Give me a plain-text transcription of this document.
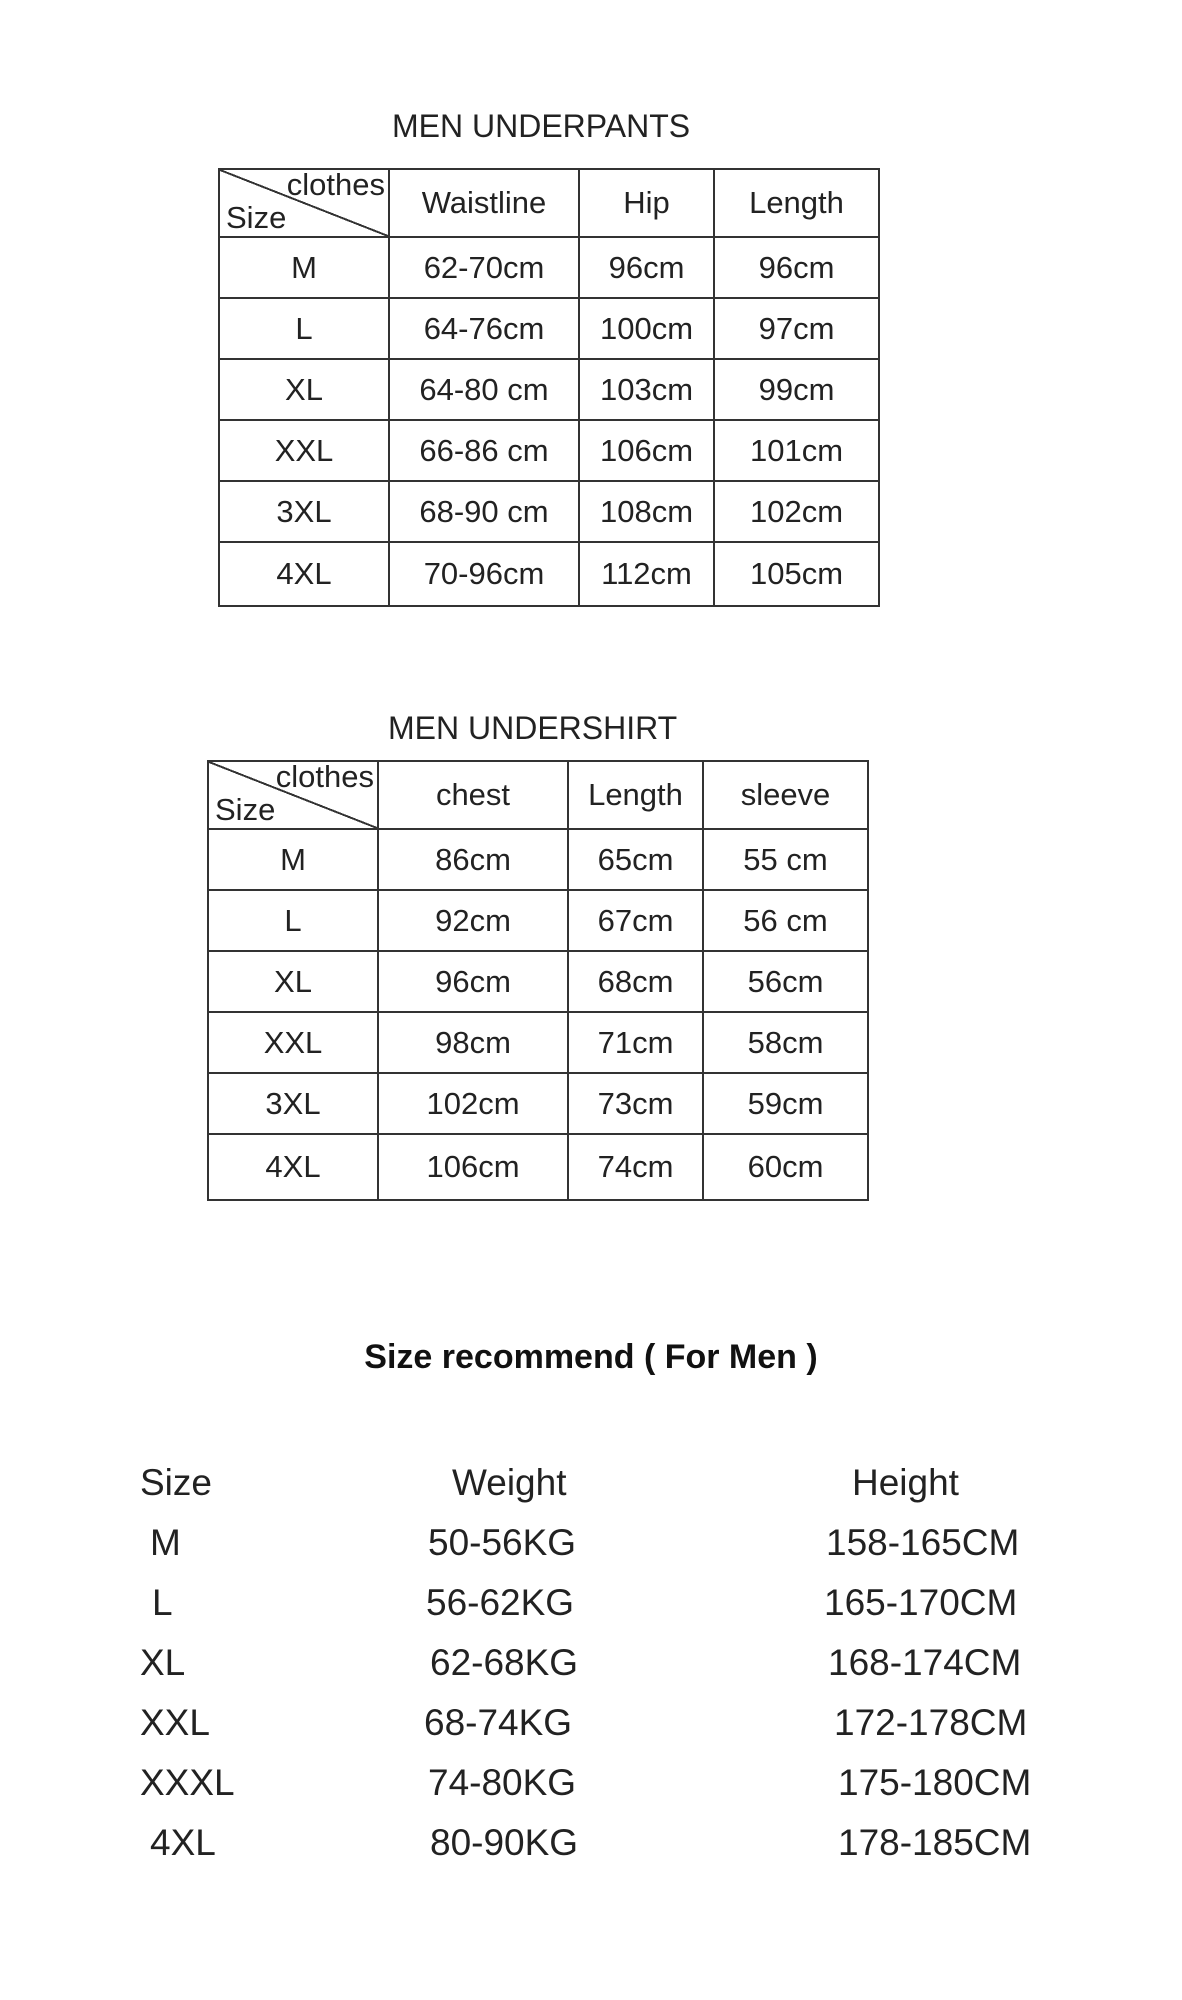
MEN UNDERPANTS
clothes
Size	Waistline	Hip	Length
M	62-70cm	96cm	96cm
L	64-76cm	100cm	97cm
XL	64-80 cm	103cm	99cm
XXL	66-86 cm	106cm	101cm
3XL	68-90 cm	108cm	102cm
4XL	70-96cm	112cm	105cm
MEN UNDERSHIRT
clothes
Size	chest	Length	sleeve
M	86cm	65cm	55 cm
L	92cm	67cm	56 cm
XL	96cm	68cm	56cm
XXL	98cm	71cm	58cm
3XL	102cm	73cm	59cm
4XL	106cm	74cm	60cm
Size recommend ( For Men )
Size	Weight	Height
M	50-56KG	158-165CM
L	56-62KG	165-170CM
XL	62-68KG	168-174CM
XXL	68-74KG	172-178CM
XXXL	74-80KG	175-180CM
4XL	80-90KG	178-185CM
